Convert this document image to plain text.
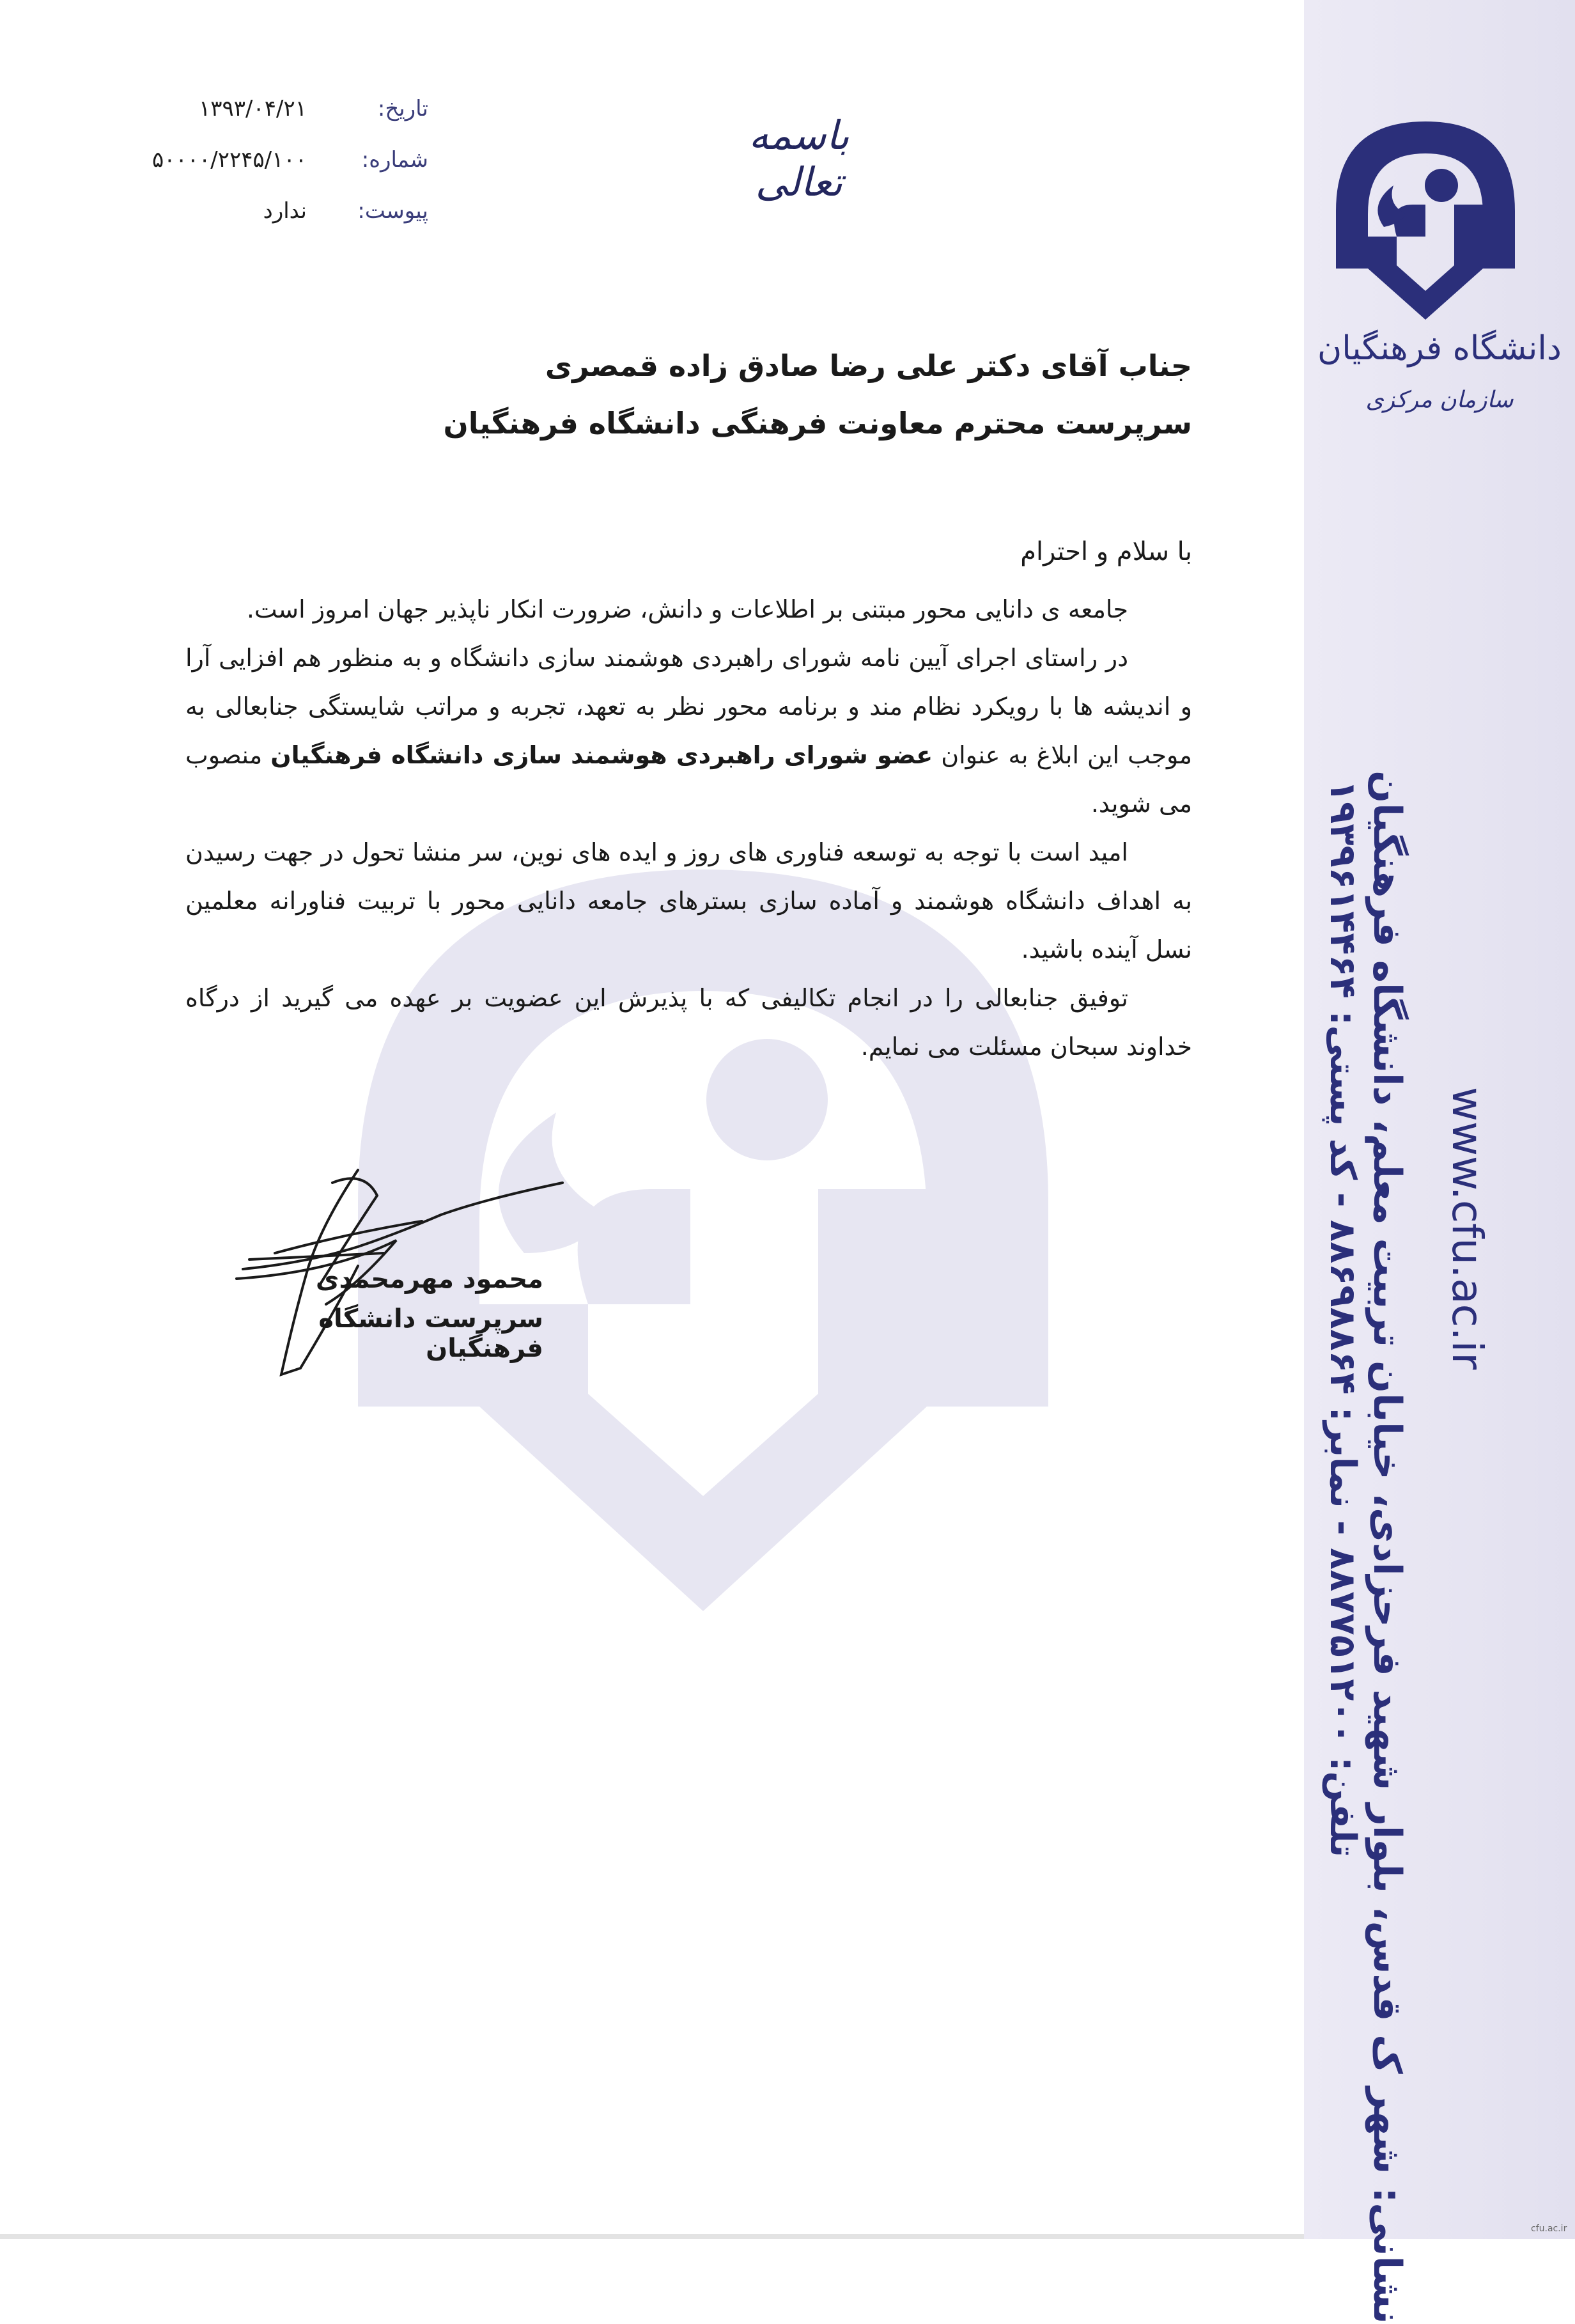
دانشگاه فرهنگیان
سازمان مرکزی
www.cfu.ac.ir
نشانی: شهر ک قدس، بلوار شهید فرحزادی، خیابان تربیت معلم، دانشگاه فرهنگیان
تلفن: ۸۸۷۷۵۱۲۰۰ - نمابر: ۸۸۶۹۸۸۶۴ - کد پستی: ۱۹۳۹۶۱۴۴۶۴
باسمه تعالی
تاریخ:
۱۳۹۳/۰۴/۲۱
شماره:
۵۰۰۰۰/۲۲۴۵/۱۰۰
پیوست:
ندارد
جناب آقای دکتر علی رضا صادق زاده قمصری
سرپرست محترم معاونت فرهنگی دانشگاه فرهنگیان
با سلام و احترام

جامعه ی دانایی محور مبتنی بر اطلاعات و دانش، ضرورت انکار ناپذیر جهان امروز است.

در راستای اجرای آیین نامه شورای راهبردی هوشمند سازی دانشگاه و به منظور هم افزایی آرا و اندیشه ها با رویکرد نظام مند و برنامه محور نظر به تعهد، تجربه و مراتب شایستگی جنابعالی به موجب این ابلاغ به عنوان عضو شورای راهبردی هوشمند سازی دانشگاه فرهنگیان منصوب می شوید.

امید است با توجه به توسعه فناوری های روز و ایده های نوین، سر منشا تحول در جهت رسیدن به اهداف دانشگاه هوشمند و آماده سازی بسترهای جامعه دانایی محور با تربیت فناورانه معلمین نسل آینده باشید.

توفیق جنابعالی را در انجام تکالیفی که با پذیرش این عضویت بر عهده می گیرید از درگاه خداوند سبحان مسئلت می نمایم.

محمود مهرمحمدی
سرپرست دانشگاه فرهنگیان
cfu.ac.ir
